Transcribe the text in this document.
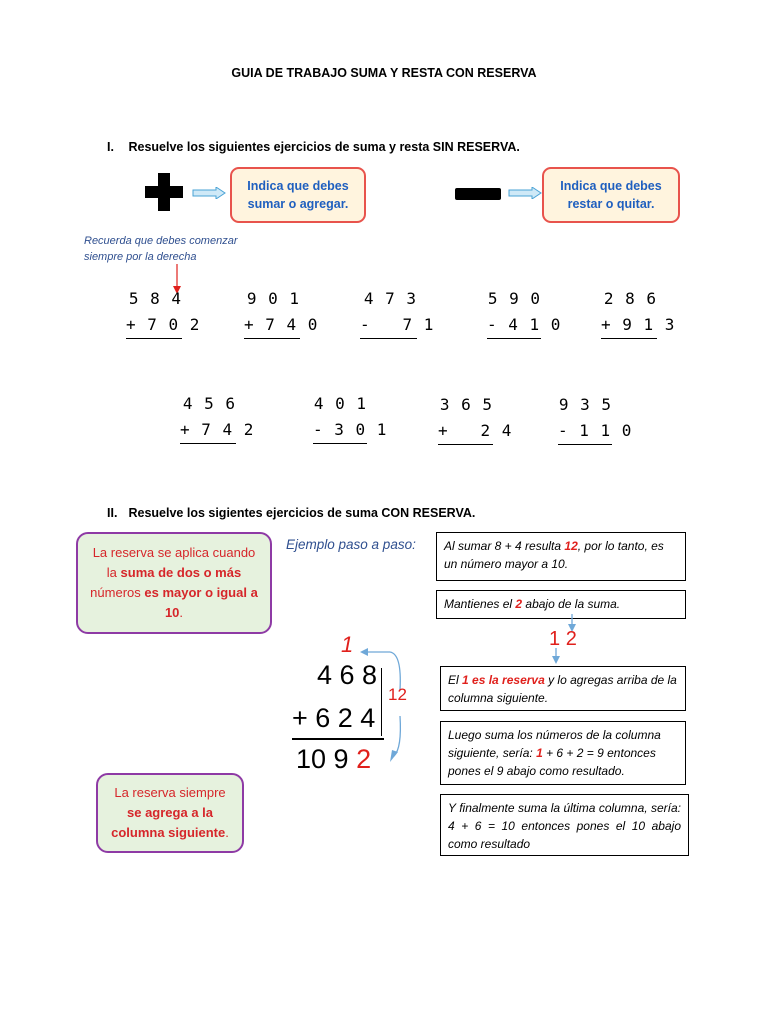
GUIA DE TRABAJO SUMA Y RESTA CON RESERVA
I. Resuelve los siguientes ejercicios de suma y resta SIN RESERVA.
Indica que debes sumar o agregar.
Indica que debes restar o quitar.
Recuerda que debes comenzar siempre por la derecha
5 8 4
+ 7 0 2
9 0 1
+ 7 4 0
4 7 3
-   7 1
5 9 0
- 4 1 0
2 8 6
+ 9 1 3
4 5 6
+ 7 4 2
4 0 1
- 3 0 1
3 6 5
+   2 4
9 3 5
- 1 1 0
II. Resuelve los sigientes ejercicios de suma CON RESERVA.
La reserva se aplica cuando la suma de dos o más números es mayor o igual a 10.
La reserva siempre se agrega a la columna siguiente.
Ejemplo paso a paso:
1
4 6 8
+ 6 2 4
12
10 9 2
Al sumar 8 + 4 resulta 12, por lo tanto, es un número mayor a 10.
Mantienes el 2 abajo de la suma.
1 2
El 1 es la reserva y lo agregas arriba de la columna siguiente.
Luego suma los números de la columna siguiente, sería: 1 + 6 + 2 = 9 entonces pones el 9 abajo como resultado.
Y finalmente suma la última columna, sería: 4 + 6 = 10 entonces pones el 10 abajo como resultado
